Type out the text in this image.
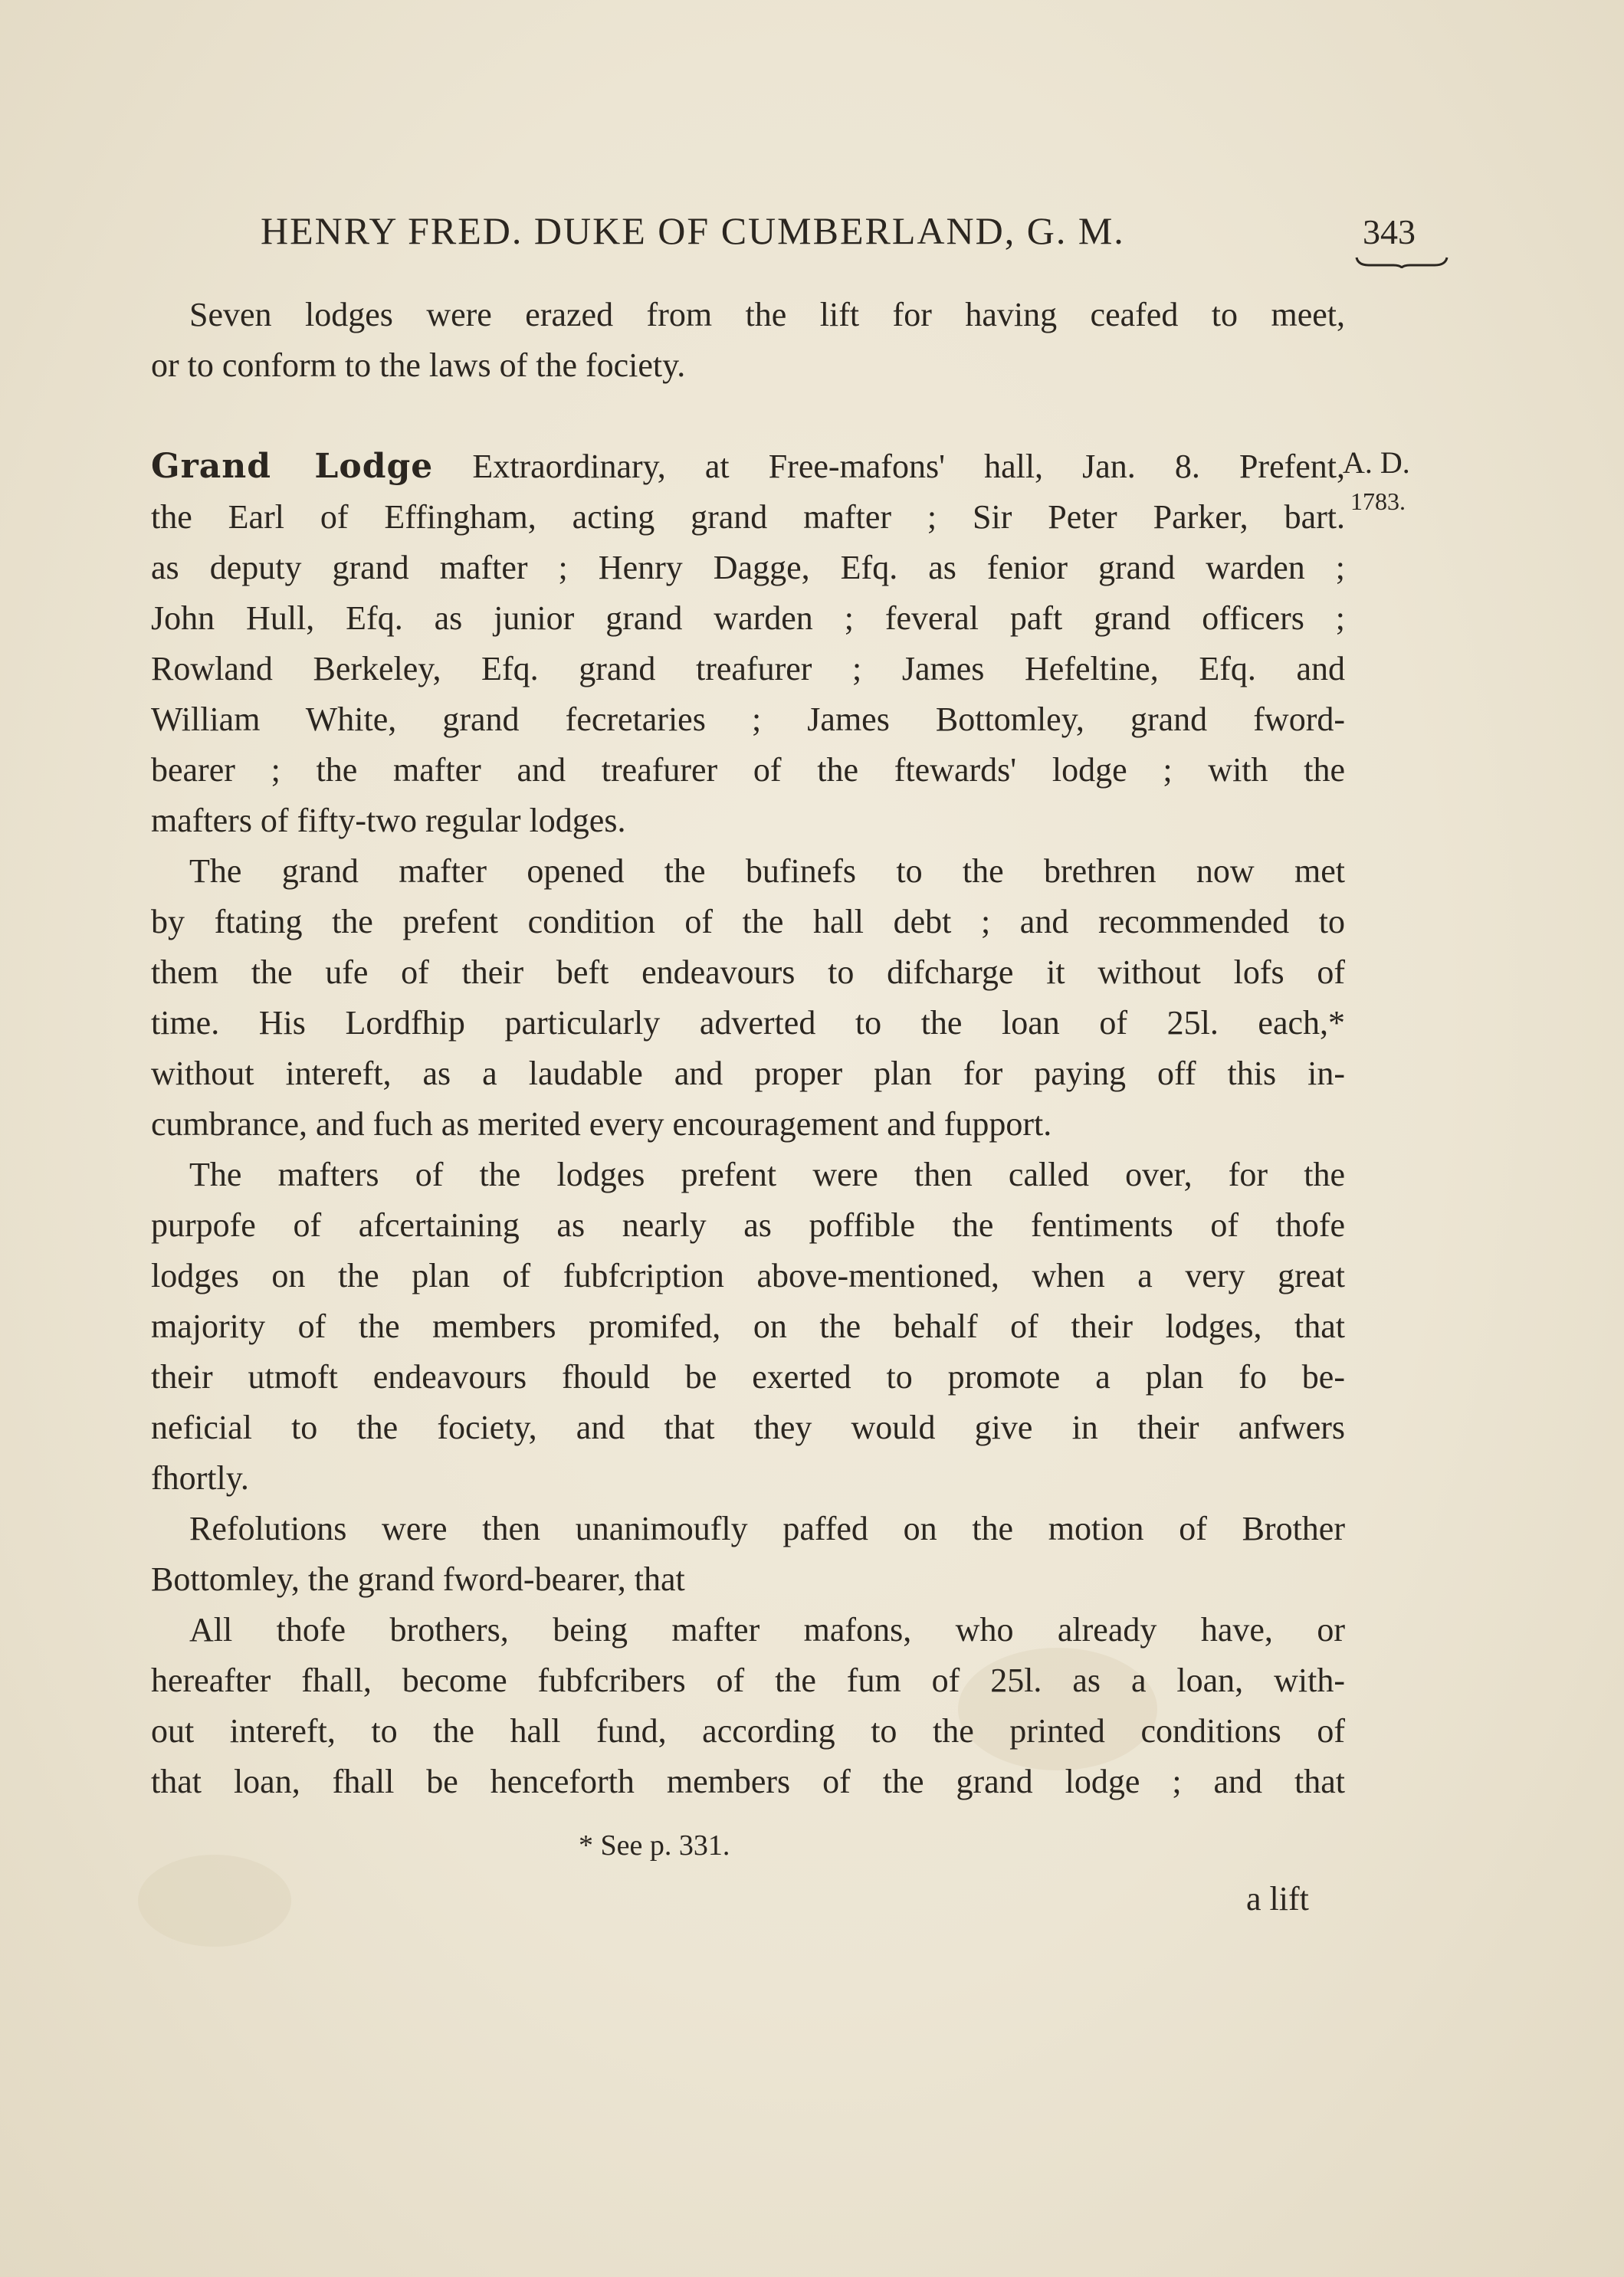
HENRY FRED. DUKE OF CUMBERLAND, G. M.	343
A. D.
1783.
Seven lodges were erazed from the lift for having ceafed to meet,
or to conform to the laws of the fociety.
Grand Lodge Extraordinary, at Free-mafons' hall, Jan. 8. Prefent,
the Earl of Effingham, acting grand mafter ; Sir Peter Parker, bart.
as deputy grand mafter ; Henry Dagge, Efq. as fenior grand warden ;
John Hull, Efq. as junior grand warden ; feveral paft grand officers ;
Rowland Berkeley, Efq. grand treafurer ; James Hefeltine, Efq. and
William White, grand fecretaries ; James Bottomley, grand fword-
bearer ; the mafter and treafurer of the ftewards' lodge ; with the
mafters of fifty-two regular lodges.
The grand mafter opened the bufinefs to the brethren now met
by ftating the prefent condition of the hall debt ; and recommended to
them the ufe of their beft endeavours to difcharge it without lofs of
time. His Lordfhip particularly adverted to the loan of 25l. each,*
without intereft, as a laudable and proper plan for paying off this in-
cumbrance, and fuch as merited every encouragement and fupport.
The mafters of the lodges prefent were then called over, for the
purpofe of afcertaining as nearly as poffible the fentiments of thofe
lodges on the plan of fubfcription above-mentioned, when a very great
majority of the members promifed, on the behalf of their lodges, that
their utmoft endeavours fhould be exerted to promote a plan fo be-
neficial to the fociety, and that they would give in their anfwers
fhortly.
Refolutions were then unanimoufly paffed on the motion of Brother
Bottomley, the grand fword-bearer, that
All thofe brothers, being mafter mafons, who already have, or
hereafter fhall, become fubfcribers of the fum of 25l. as a loan, with-
out intereft, to the hall fund, according to the printed conditions of
that loan, fhall be henceforth members of the grand lodge ; and that
* See p. 331.
a lift
